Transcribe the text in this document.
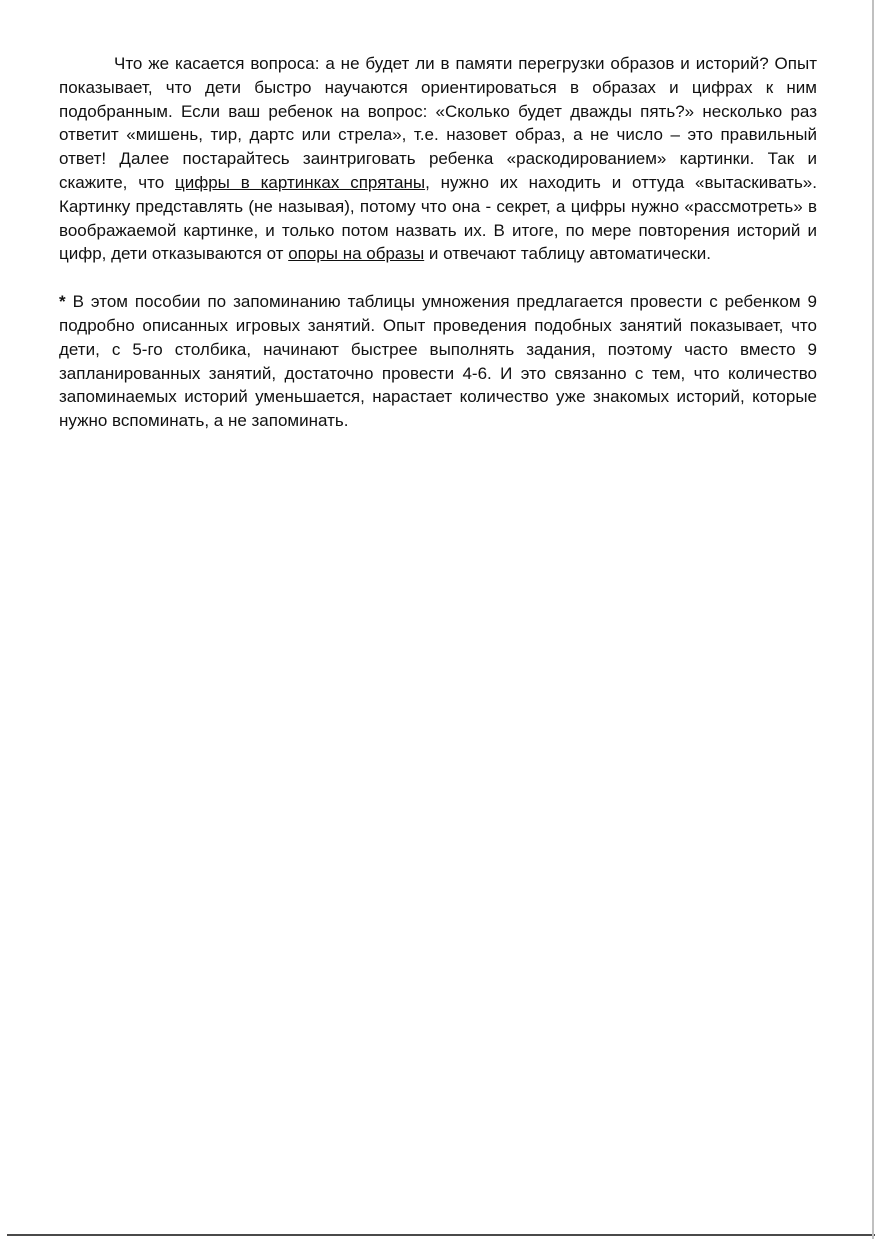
Что же касается вопроса: а не будет ли в памяти перегрузки образов и историй? Опыт показывает, что дети быстро научаются ориентироваться в образах и цифрах к ним подобранным. Если ваш ребенок на вопрос: «Сколько будет дважды пять?» несколько раз ответит «мишень, тир, дартс или стрела», т.е. назовет образ, а не число – это правильный ответ! Далее постарайтесь заинтриговать ребенка «раскодированием» картинки. Так и скажите, что цифры в картинках спрятаны, нужно их находить и оттуда «вытаскивать». Картинку представлять (не называя), потому что она - секрет, а цифры нужно «рассмотреть» в воображаемой картинке, и только потом назвать их. В итоге, по мере повторения историй и цифр, дети отказываются от опоры на образы и отвечают таблицу автоматически.

* В этом пособии по запоминанию таблицы умножения предлагается провести с ребенком 9 подробно описанных игровых занятий. Опыт проведения подобных занятий показывает, что дети, с 5-го столбика, начинают быстрее выполнять задания, поэтому часто вместо 9 запланированных занятий, достаточно провести 4-6. И это связанно с тем, что количество запоминаемых историй уменьшается, нарастает количество уже знакомых историй, которые нужно вспоминать, а не запоминать.
